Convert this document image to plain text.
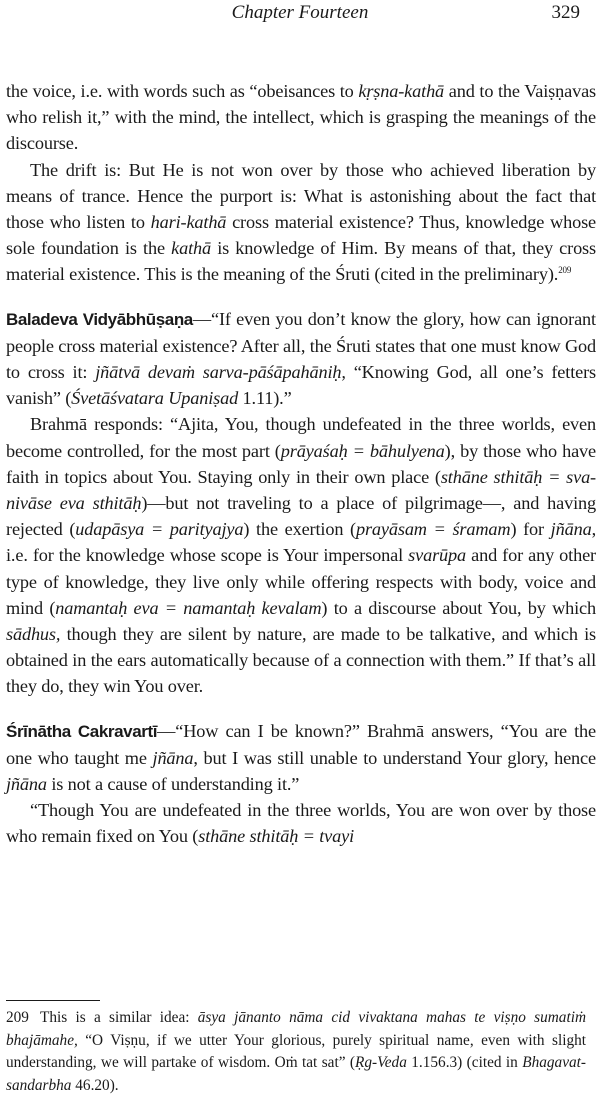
Chapter Fourteen	329

the voice, i.e. with words such as “obeisances to kṛṣna-kathā and to the Vaiṣṇavas who relish it,” with the mind, the intellect, which is grasping the meanings of the discourse.

The drift is: But He is not won over by those who achieved liberation by means of trance. Hence the purport is: What is astonishing about the fact that those who listen to hari-kathā cross material existence? Thus, knowledge whose sole foundation is the kathā is knowledge of Him. By means of that, they cross material existence. This is the meaning of the Śruti (cited in the preliminary).$^{209}$

Baladeva Vidyābhūṣaṇa—“If even you don’t know the glory, how can ignorant people cross material existence? After all, the Śruti states that one must know God to cross it: jñātvā devaṁ sarva-pāśāpahāniḥ, “Knowing God, all one’s fetters vanish” (Śvetāśvatara Upaniṣad 1.11).”

Brahmā responds: “Ajita, You, though undefeated in the three worlds, even become controlled, for the most part (prāyaśaḥ = bāhulyena), by those who have faith in topics about You. Staying only in their own place (sthāne sthitāḥ = sva-nivāse eva sthitāḥ)—but not traveling to a place of pilgrimage—, and having rejected (udapāsya = parityajya) the exertion (prayāsam = śramam) for jñāna, i.e. for the knowledge whose scope is Your impersonal svarūpa and for any other type of knowledge, they live only while offering respects with body, voice and mind (namantaḥ eva = namantaḥ kevalam) to a discourse about You, by which sādhus, though they are silent by nature, are made to be talkative, and which is obtained in the ears automatically because of a connection with them.” If that’s all they do, they win You over.

Śrīnātha Cakravartī—“How can I be known?” Brahmā answers, “You are the one who taught me jñāna, but I was still unable to understand Your glory, hence jñāna is not a cause of understanding it.”

“Though You are undefeated in the three worlds, You are won over by those who remain fixed on You (sthāne sthitāḥ = tvayi

209 This is a similar idea: āsya jānanto nāma cid vivaktana mahas te viṣṇo sumatiṁ bhajāmahe, “O Viṣṇu, if we utter Your glorious, purely spiritual name, even with slight understanding, we will partake of wisdom. Oṁ tat sat” (Ṛg-Veda 1.156.3) (cited in Bhagavat-sandarbha 46.20).
